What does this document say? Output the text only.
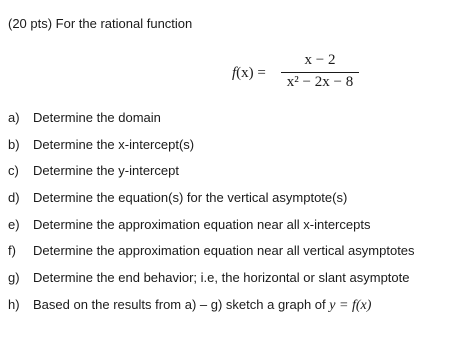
(20 pts) For the rational function
f(x) =
x − 2
x² − 2x − 8
a) Determine the domain
b) Determine the x-intercept(s)
c) Determine the y-intercept
d) Determine the equation(s) for the vertical asymptote(s)
e) Determine the approximation equation near all x-intercepts
f) Determine the approximation equation near all vertical asymptotes
g) Determine the end behavior; i.e, the horizontal or slant asymptote
h) Based on the results from a) – g) sketch a graph of y = f(x)
